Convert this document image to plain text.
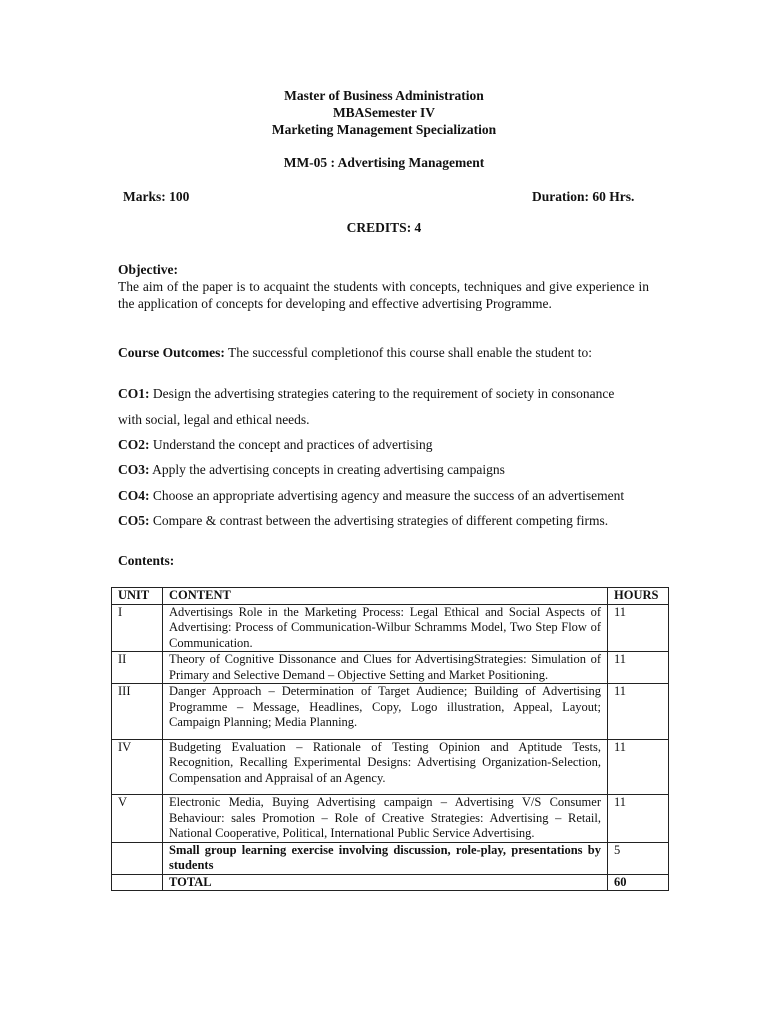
Master of Business Administration
MBASemester IV
Marketing Management Specialization
MM-05 : Advertising Management
Marks: 100	Duration: 60 Hrs.
CREDITS: 4
Objective:
The aim of the paper is to acquaint the students with concepts, techniques and give experience in the application of concepts for developing and effective advertising Programme.
Course Outcomes: The successful completionof this course shall enable the student to:
CO1: Design the advertising strategies catering to the requirement of society in consonance
with social, legal and ethical needs.
CO2: Understand the concept and practices of advertising
CO3: Apply the advertising concepts in creating advertising campaigns
CO4: Choose an appropriate advertising agency and measure the success of an advertisement
CO5: Compare & contrast between the advertising strategies of different competing firms.
Contents:
UNIT	CONTENT	HOURS
I	Advertisings Role in the Marketing Process: Legal Ethical and Social Aspects of Advertising: Process of Communication-Wilbur Schramms Model, Two Step Flow of Communication.	11
II	Theory of Cognitive Dissonance and Clues for AdvertisingStrategies: Simulation of Primary and Selective Demand – Objective Setting and Market Positioning.	11
III	Danger Approach – Determination of Target Audience; Building of Advertising Programme – Message, Headlines, Copy, Logo illustration, Appeal, Layout; Campaign Planning; Media Planning.	11
IV	Budgeting Evaluation – Rationale of Testing Opinion and Aptitude Tests, Recognition, Recalling Experimental Designs: Advertising Organization-Selection, Compensation and Appraisal of an Agency.	11
V	Electronic Media, Buying Advertising campaign – Advertising V/S Consumer Behaviour: sales Promotion – Role of Creative Strategies: Advertising – Retail, National Cooperative, Political, International Public Service Advertising.	11
	Small group learning exercise involving discussion, role-play, presentations by students	5
	TOTAL	60
